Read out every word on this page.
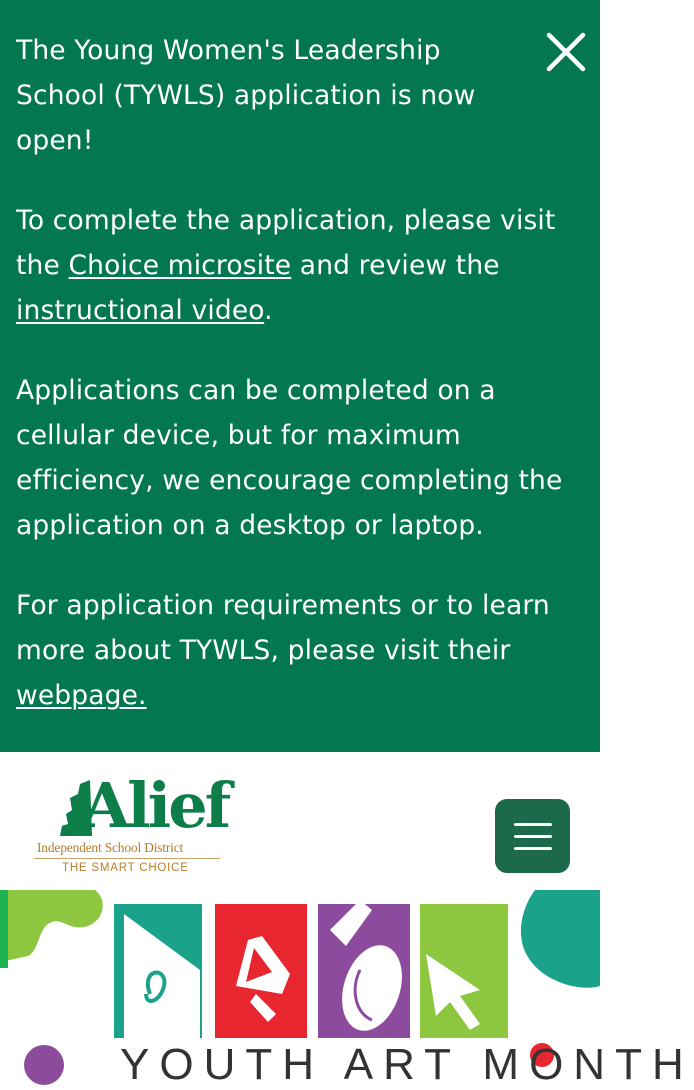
The Young Women's Leadership School (TYWLS) application is now open!

To complete the application, please visit the Choice microsite and review the instructional video.

Applications can be completed on a cellular device, but for maximum efficiency, we encourage completing the application on a desktop or laptop.

For application requirements or to learn more about TYWLS, please visit their webpage.

Alief
Independent School District
THE SMART CHOICE
YOUTH ART MONTH
